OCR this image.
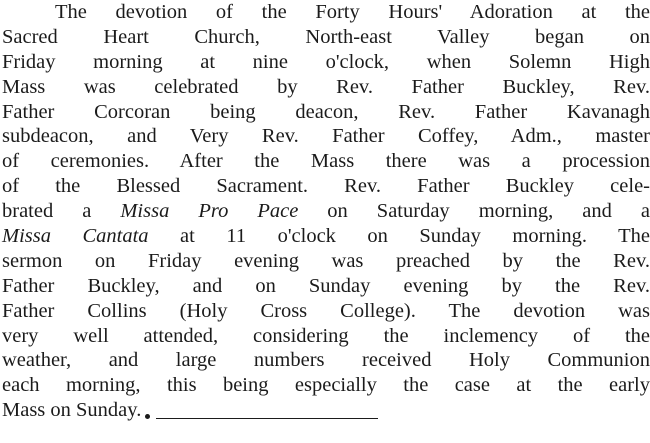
The devotion of the Forty Hours' Adoration at the
Sacred Heart Church, North-east Valley began on
Friday morning at nine o'clock, when Solemn High
Mass was celebrated by Rev. Father Buckley, Rev.
Father Corcoran being deacon, Rev. Father Kavanagh
subdeacon, and Very Rev. Father Coffey, Adm., master
of ceremonies. After the Mass there was a procession
of the Blessed Sacrament. Rev. Father Buckley cele-
brated a Missa Pro Pace on Saturday morning, and a
Missa Cantata at 11 o'clock on Sunday morning. The
sermon on Friday evening was preached by the Rev.
Father Buckley, and on Sunday evening by the Rev.
Father Collins (Holy Cross College). The devotion was
very well attended, considering the inclemency of the
weather, and large numbers received Holy Communion
each morning, this being especially the case at the early
Mass on Sunday.
